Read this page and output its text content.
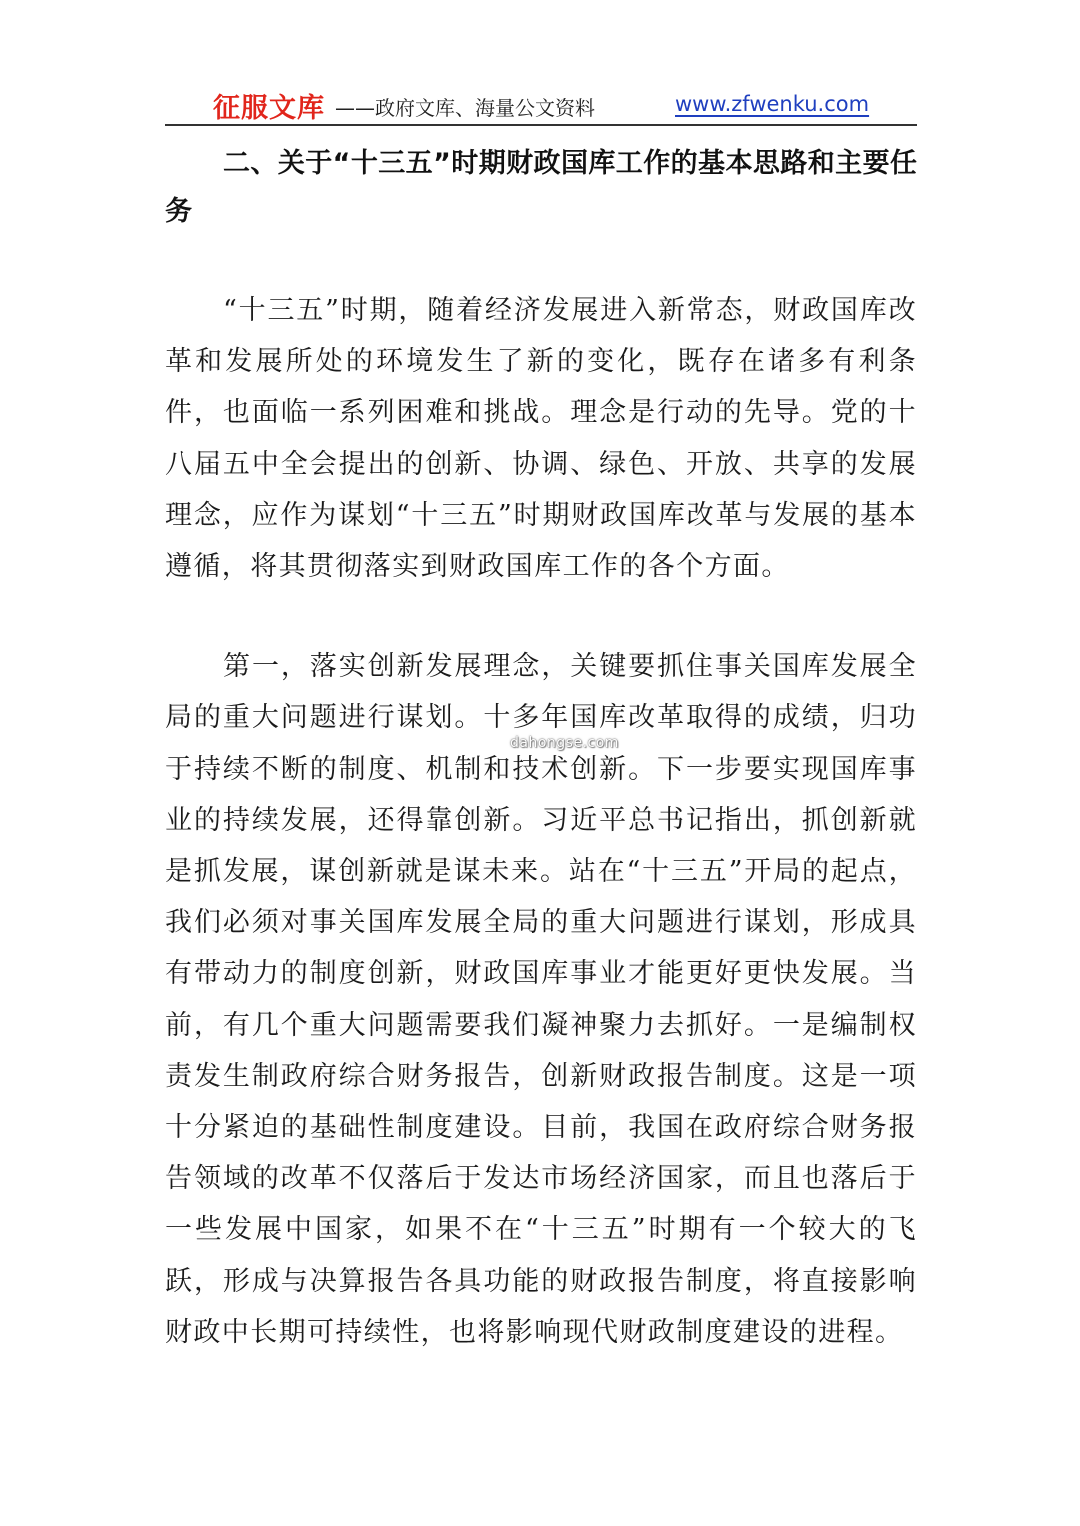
征服文库 ——政府文库、海量公文资料	www.zfwenku.com

二、关于“十三五”时期财政国库工作的基本思路和主要任务

“十三五”时期，随着经济发展进入新常态，财政国库改革和发展所处的环境发生了新的变化，既存在诸多有利条件，也面临一系列困难和挑战。理念是行动的先导。党的十八届五中全会提出的创新、协调、绿色、开放、共享的发展理念，应作为谋划“十三五”时期财政国库改革与发展的基本遵循，将其贯彻落实到财政国库工作的各个方面。

第一，落实创新发展理念，关键要抓住事关国库发展全局的重大问题进行谋划。十多年国库改革取得的成绩，归功于持续不断的制度、机制和技术创新。下一步要实现国库事业的持续发展，还得靠创新。习近平总书记指出，抓创新就是抓发展，谋创新就是谋未来。站在“十三五”开局的起点，我们必须对事关国库发展全局的重大问题进行谋划，形成具有带动力的制度创新，财政国库事业才能更好更快发展。当前，有几个重大问题需要我们凝神聚力去抓好。一是编制权责发生制政府综合财务报告，创新财政报告制度。这是一项十分紧迫的基础性制度建设。目前，我国在政府综合财务报告领域的改革不仅落后于发达市场经济国家，而且也落后于一些发展中国家，如果不在“十三五”时期有一个较大的飞跃，形成与决算报告各具功能的财政报告制度，将直接影响财政中长期可持续性，也将影响现代财政制度建设的进程。

dahongse.com
